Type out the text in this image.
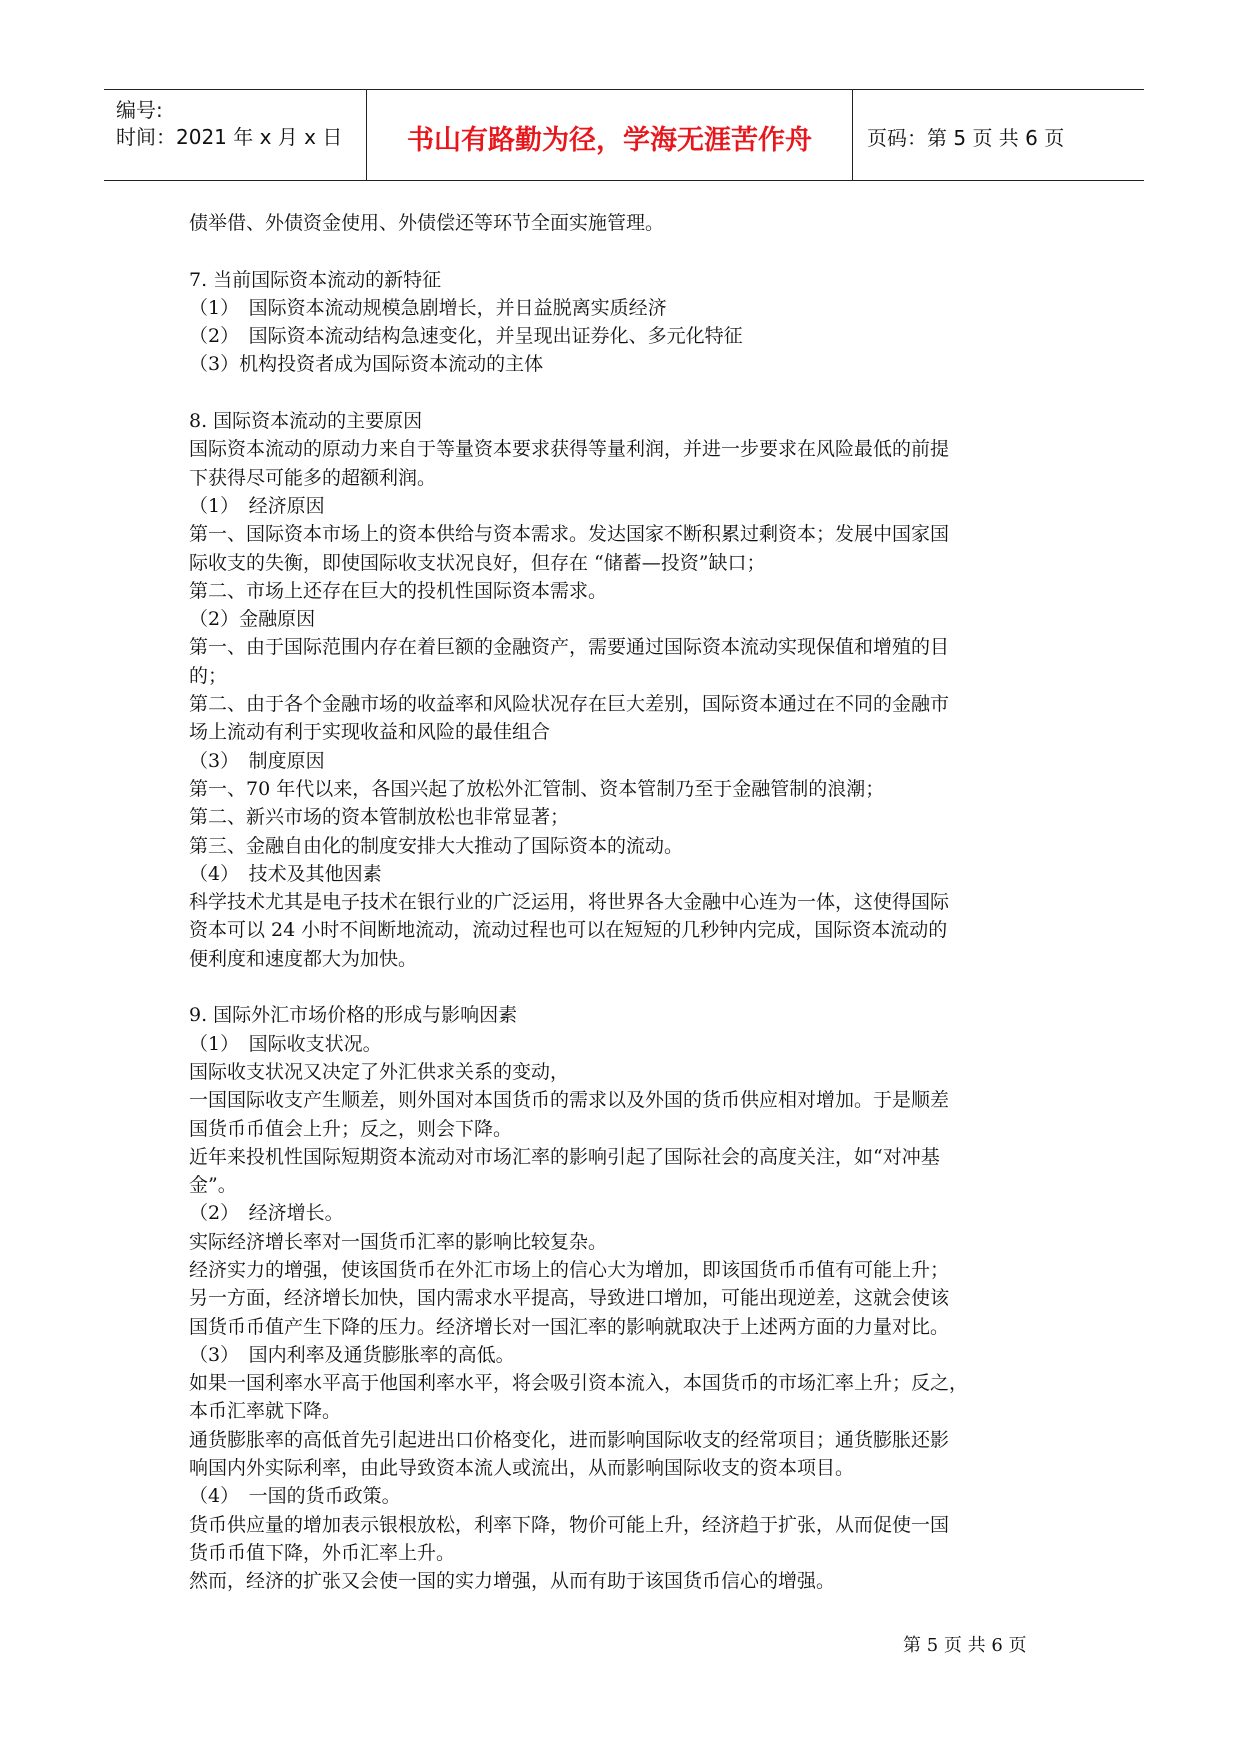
编号:
时间：2021 年 x 月 x 日	书山有路勤为径，学海无涯苦作舟	页码：第 5 页 共 6 页
债举借、外债资金使用、外债偿还等环节全面实施管理。
7. 当前国际资本流动的新特征
（1）　国际资本流动规模急剧增长，并日益脱离实质经济
（2）　国际资本流动结构急速变化，并呈现出证券化、多元化特征
（3）机构投资者成为国际资本流动的主体
8. 国际资本流动的主要原因
国际资本流动的原动力来自于等量资本要求获得等量利润，并进一步要求在风险最低的前提
下获得尽可能多的超额利润。
（1）　经济原因
第一、国际资本市场上的资本供给与资本需求。发达国家不断积累过剩资本；发展中国家国
际收支的失衡，即使国际收支状况良好，但存在 “储蓄—投资”缺口；
第二、市场上还存在巨大的投机性国际资本需求。
（2）金融原因
第一、由于国际范围内存在着巨额的金融资产，需要通过国际资本流动实现保值和增殖的目
的；
第二、由于各个金融市场的收益率和风险状况存在巨大差别，国际资本通过在不同的金融市
场上流动有利于实现收益和风险的最佳组合
（3）　制度原因
第一、70 年代以来，各国兴起了放松外汇管制、资本管制乃至于金融管制的浪潮；
第二、新兴市场的资本管制放松也非常显著；
第三、金融自由化的制度安排大大推动了国际资本的流动。
（4）　技术及其他因素
科学技术尤其是电子技术在银行业的广泛运用，将世界各大金融中心连为一体，这使得国际
资本可以 24 小时不间断地流动，流动过程也可以在短短的几秒钟内完成，国际资本流动的
便利度和速度都大为加快。
9. 国际外汇市场价格的形成与影响因素
（1）　国际收支状况。
国际收支状况又决定了外汇供求关系的变动，
一国国际收支产生顺差，则外国对本国货币的需求以及外国的货币供应相对增加。于是顺差
国货币币值会上升；反之，则会下降。
近年来投机性国际短期资本流动对市场汇率的影响引起了国际社会的高度关注，如“对冲基
金”。
（2）　经济增长。
实际经济增长率对一国货币汇率的影响比较复杂。
经济实力的增强，使该国货币在外汇市场上的信心大为增加，即该国货币币值有可能上升；
另一方面，经济增长加快，国内需求水平提高，导致进口增加，可能出现逆差，这就会使该
国货币币值产生下降的压力。经济增长对一国汇率的影响就取决于上述两方面的力量对比。
（3）　国内利率及通货膨胀率的高低。
如果一国利率水平高于他国利率水平，将会吸引资本流入，本国货币的市场汇率上升；反之，
本币汇率就下降。
通货膨胀率的高低首先引起进出口价格变化，进而影响国际收支的经常项目；通货膨胀还影
响国内外实际利率，由此导致资本流人或流出，从而影响国际收支的资本项目。
（4）　一国的货币政策。
货币供应量的增加表示银根放松，利率下降，物价可能上升，经济趋于扩张，从而促使一国
货币币值下降，外币汇率上升。
然而，经济的扩张又会使一国的实力增强，从而有助于该国货币信心的增强。
第 5 页 共 6 页
